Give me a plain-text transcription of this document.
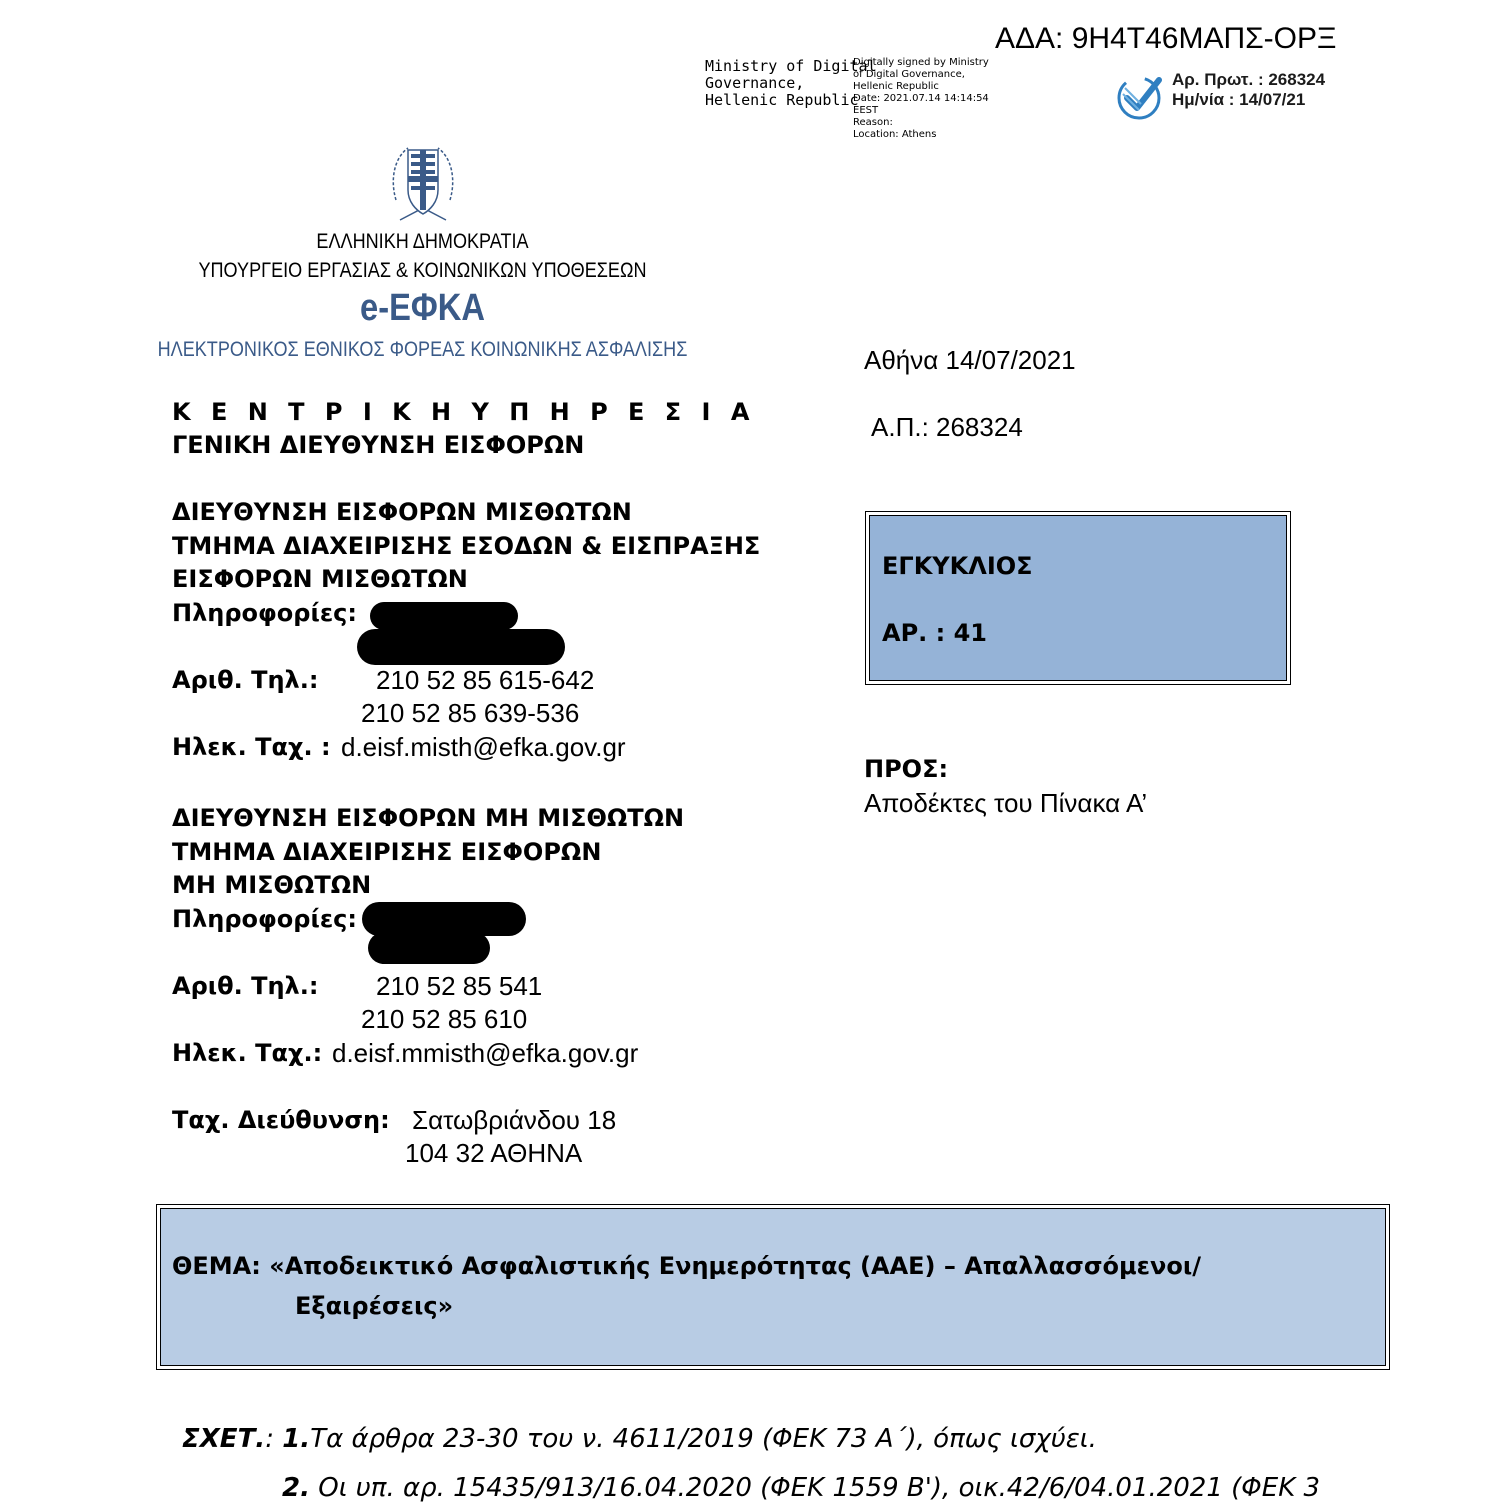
ΑΔΑ: 9Η4Τ46ΜΑΠΣ-ΟΡΞ
Ministry of Digital
Governance,
Hellenic Republic
Digitally signed by Ministry
of Digital Governance,
Hellenic Republic
Date: 2021.07.14 14:14:54
EEST
Reason:
Location: Athens
Αρ. Πρωτ. : 268324
Ημ/νία : 14/07/21
ΕΛΛΗΝΙΚΗ ΔΗΜΟΚΡΑΤΙΑ
ΥΠΟΥΡΓΕΙΟ ΕΡΓΑΣΙΑΣ & ΚΟΙΝΩΝΙΚΩΝ ΥΠΟΘΕΣΕΩΝ
e-ΕΦΚΑ
ΗΛΕΚΤΡΟΝΙΚΟΣ ΕΘΝΙΚΟΣ ΦΟΡΕΑΣ ΚΟΙΝΩΝΙΚΗΣ ΑΣΦΑΛΙΣΗΣ	Αθήνα 14/07/2021
Α.Π.: 268324
Κ Ε Ν Τ Ρ Ι Κ Η Υ Π Η Ρ Ε Σ Ι Α
ΓΕΝΙΚΗ ΔΙΕΥΘΥΝΣΗ ΕΙΣΦΟΡΩΝ
ΔΙΕΥΘΥΝΣΗ ΕΙΣΦΟΡΩΝ ΜΙΣΘΩΤΩΝ
ΤΜΗΜΑ ΔΙΑΧΕΙΡΙΣΗΣ ΕΣΟΔΩΝ & ΕΙΣΠΡΑΞΗΣ
ΕΙΣΦΟΡΩΝ ΜΙΣΘΩΤΩΝ
Πληροφορίες:
Αριθ. Τηλ.: 210 52 85 615-642
210 52 85 639-536
Ηλεκ. Ταχ. : d.eisf.misth@efka.gov.gr
ΔΙΕΥΘΥΝΣΗ ΕΙΣΦΟΡΩΝ ΜΗ ΜΙΣΘΩΤΩΝ
ΤΜΗΜΑ ΔΙΑΧΕΙΡΙΣΗΣ ΕΙΣΦΟΡΩΝ
ΜΗ ΜΙΣΘΩΤΩΝ
Πληροφορίες:
Αριθ. Τηλ.: 210 52 85 541
210 52 85 610
Ηλεκ. Ταχ.: d.eisf.mmisth@efka.gov.gr
Ταχ. Διεύθυνση: Σατωβριάνδου 18
104 32 ΑΘΗΝΑ
ΕΓΚΥΚΛΙΟΣ
ΑΡ. : 41
ΠΡΟΣ:
Αποδέκτες του Πίνακα Α’
ΘΕΜΑ: «Αποδεικτικό Ασφαλιστικής Ενημερότητας (ΑΑΕ) – Απαλλασσόμενοι/
Εξαιρέσεις»
ΣΧΕΤ.: 1.Τα άρθρα 23-30 του ν. 4611/2019 (ΦΕΚ 73 Α΄), όπως ισχύει.
2. Οι υπ. αρ. 15435/913/16.04.2020 (ΦΕΚ 1559 Β'), οικ.42/6/04.01.2021 (ΦΕΚ 3
